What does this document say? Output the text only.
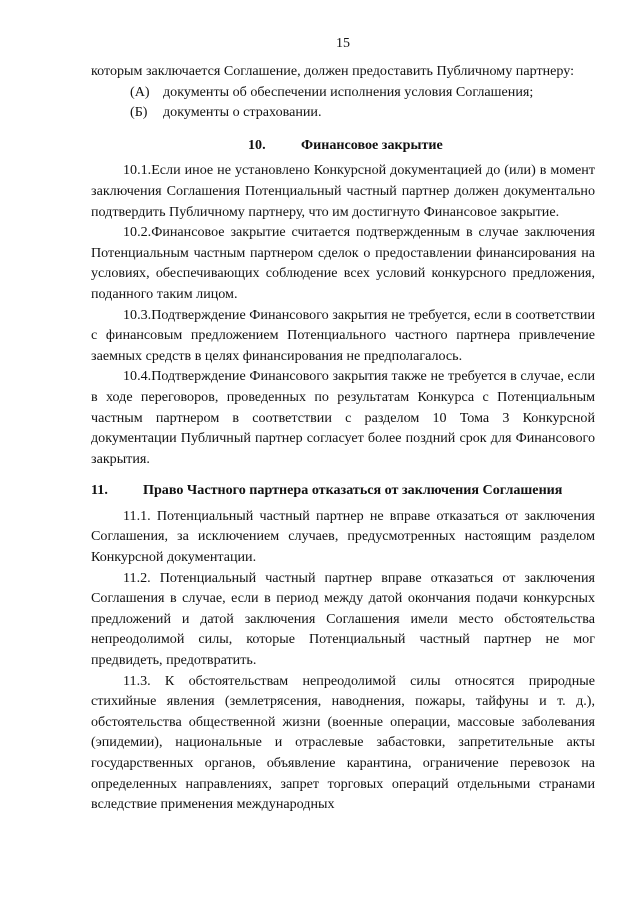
15

которым заключается Соглашение, должен предоставить Публичному партнеру:

(А) документы об обеспечении исполнения условия Соглашения;
(Б)	документы о страховании.
10.	Финансовое закрытие

10.1.Если иное не установлено Конкурсной документацией до (или) в момент заключения Соглашения Потенциальный частный партнер должен документально подтвердить Публичному партнеру, что им достигнуто Финансовое закрытие.

10.2.Финансовое закрытие считается подтвержденным в случае заключения Потенциальным частным партнером сделок о предоставлении финансирования на условиях, обеспечивающих соблюдение всех условий конкурсного предложения, поданного таким лицом.

10.3.Подтверждение Финансового закрытия не требуется, если в соответствии с финансовым предложением Потенциального частного партнера привлечение заемных средств в целях финансирования не предполагалось.

10.4.Подтверждение Финансового закрытия также не требуется в случае, если в ходе переговоров, проведенных по результатам Конкурса с Потенциальным частным партнером в соответствии с разделом 10 Тома 3 Конкурсной документации Публичный партнер согласует более поздний срок для Финансового закрытия.

11.	Право Частного партнера отказаться от заключения Соглашения

11.1. Потенциальный частный партнер не вправе отказаться от заключения Соглашения, за исключением случаев, предусмотренных настоящим разделом Конкурсной документации.

11.2. Потенциальный частный партнер вправе отказаться от заключения Соглашения в случае, если в период между датой окончания подачи конкурсных предложений и датой заключения Соглашения имели место обстоятельства непреодолимой силы, которые Потенциальный частный партнер не мог предвидеть, предотвратить.

11.3. К обстоятельствам непреодолимой силы относятся природные стихийные явления (землетрясения, наводнения, пожары, тайфуны и т. д.), обстоятельства общественной жизни (военные операции, массовые заболевания (эпидемии), национальные и отраслевые забастовки, запретительные акты государственных органов, объявление карантина, ограничение перевозок на определенных направлениях, запрет торговых операций отдельными странами вследствие применения международных
